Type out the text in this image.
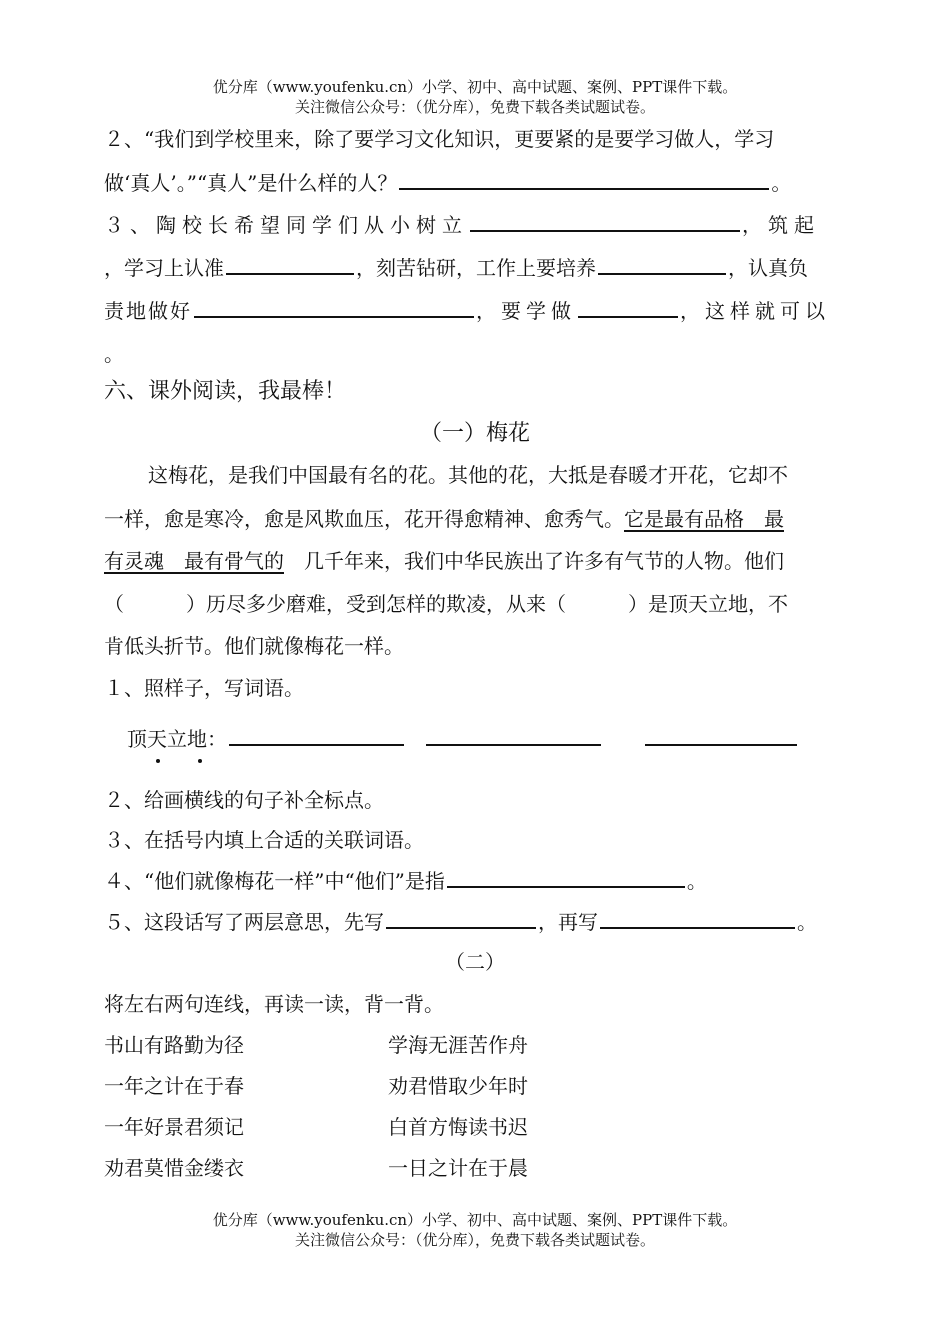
优分库（www.youfenku.cn）小学、初中、高中试题、案例、PPT课件下载。
关注微信公众号：（优分库），免费下载各类试题试卷。
２、“我们到学校里来，除了要学习文化知识，更要紧的是要学习做人，学习
做‘真人’。”“真人”是什么样的人？	。
３、陶校长希望同学们从小树立	，筑起
，学习上认准	，刻苦钻研，工作上要培养	，认真负
责地做好	，要学做	，这样就可以
。
六、课外阅读，我最棒！
（一）梅花
这梅花，是我们中国最有名的花。其他的花，大抵是春暖才开花，它却不
一样，愈是寒冷，愈是风欺血压，花开得愈精神、愈秀气。它是最有品格　最
有灵魂　最有骨气的　几千年来，我们中华民族出了许多有气节的人物。他们
（	）历尽多少磨难，受到怎样的欺凌，从来（	）是顶天立地，不
肯低头折节。他们就像梅花一样。
１、照样子，写词语。
顶天立地：
２、给画横线的句子补全标点。
３、在括号内填上合适的关联词语。
４、“他们就像梅花一样”中“他们”是指	。
５、这段话写了两层意思，先写	，再写	。
（二）
将左右两句连线，再读一读，背一背。
书山有路勤为径	学海无涯苦作舟
一年之计在于春	劝君惜取少年时
一年好景君须记	白首方悔读书迟
劝君莫惜金缕衣	一日之计在于晨
优分库（www.youfenku.cn）小学、初中、高中试题、案例、PPT课件下载。
关注微信公众号：（优分库），免费下载各类试题试卷。
